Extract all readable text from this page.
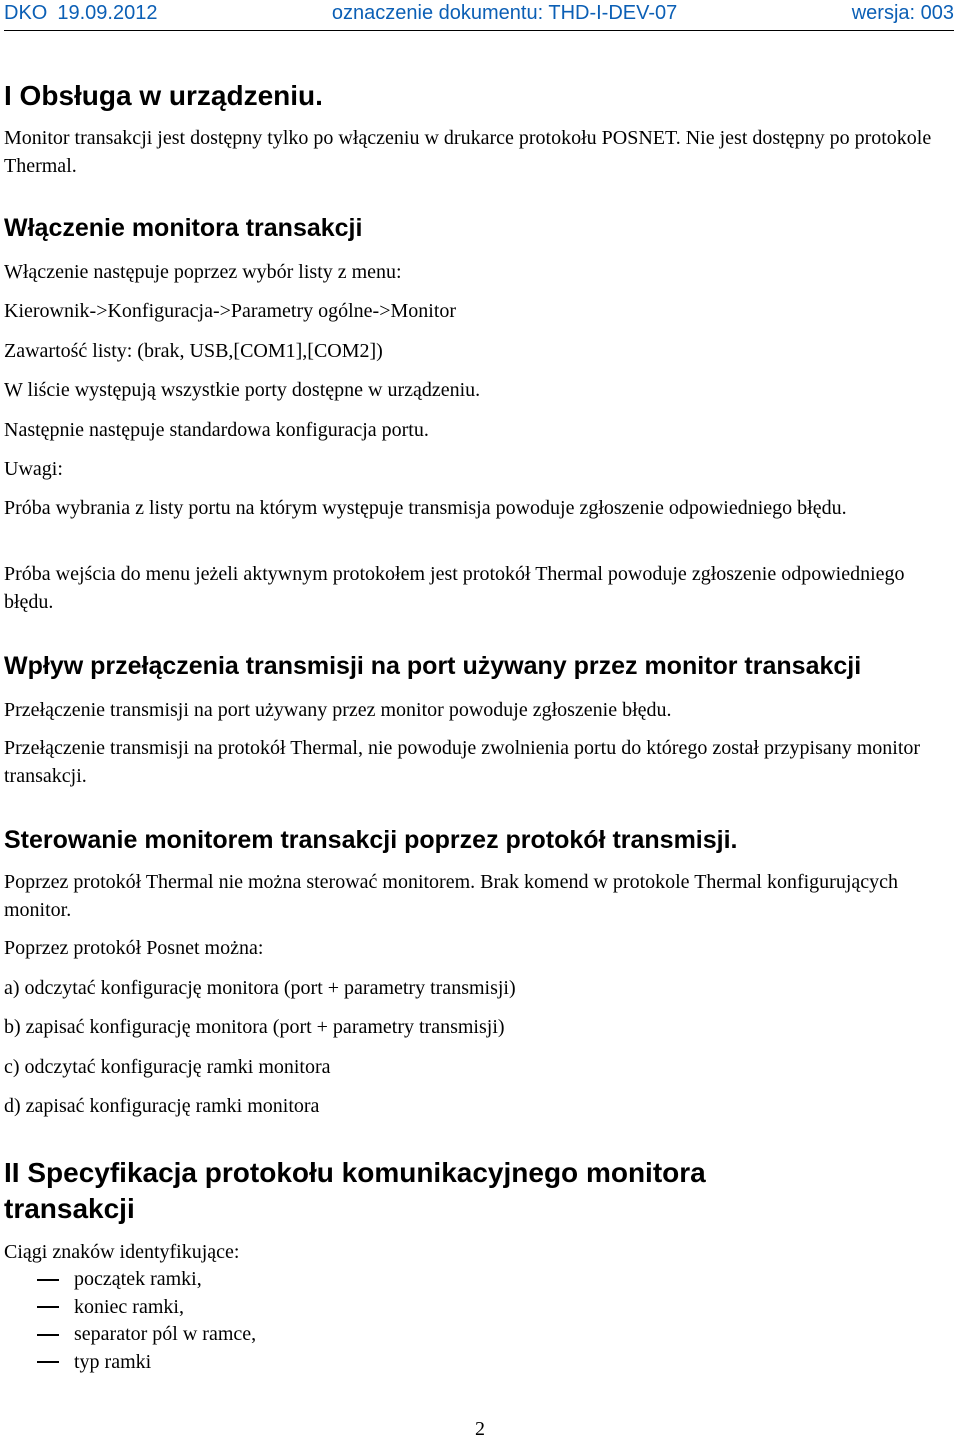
DKO 19.09.2012	oznaczenie dokumentu: THD-I-DEV-07	wersja: 003
I Obsługa w urządzeniu.

Monitor transakcji jest dostępny tylko po włączeniu w drukarce protokołu POSNET. Nie jest dostępny po protokole Thermal.

Włączenie monitora transakcji

Włączenie następuje poprzez wybór listy z menu:

Kierownik->Konfiguracja->Parametry ogólne->Monitor

Zawartość listy: (brak, USB,[COM1],[COM2])

W liście występują wszystkie porty dostępne w urządzeniu.

Następnie następuje standardowa konfiguracja portu.

Uwagi:

Próba wybrania z listy portu na którym występuje transmisja powoduje zgłoszenie odpowiedniego błędu.

Próba wejścia do menu jeżeli aktywnym protokołem jest protokół Thermal powoduje zgłoszenie odpowiedniego błędu.

Wpływ przełączenia transmisji na port używany przez monitor transakcji

Przełączenie transmisji na port używany przez monitor powoduje zgłoszenie błędu.

Przełączenie transmisji na protokół Thermal, nie powoduje zwolnienia portu do którego został przypisany monitor transakcji.

Sterowanie monitorem transakcji poprzez protokół transmisji.

Poprzez protokół Thermal nie można sterować monitorem. Brak komend w protokole Thermal konfigurujących monitor.

Poprzez protokół Posnet można:

a) odczytać konfigurację monitora (port + parametry transmisji)

b) zapisać konfigurację monitora (port + parametry transmisji)

c) odczytać konfigurację ramki monitora

d) zapisać konfigurację ramki monitora

II Specyfikacja protokołu komunikacyjnego monitora
transakcji

Ciągi znaków identyfikujące:

początek ramki,
koniec ramki,
separator pól w ramce,
typ ramki
2
